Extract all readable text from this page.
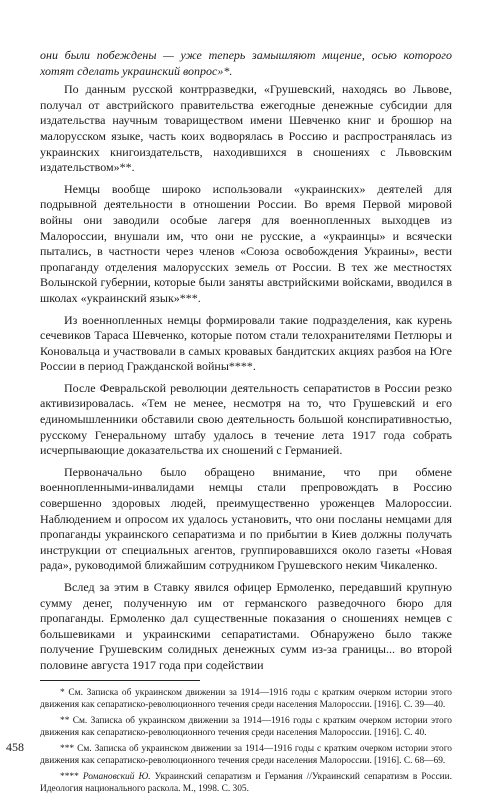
они были побеждены — уже теперь замышляют мщение, осью которого хотят сделать украинский вопрос»*.

По данным русской контрразведки, «Грушевский, находясь во Львове, получал от австрийского правительства ежегодные денежные субсидии для издательства научным товариществом имени Шевченко книг и брошюр на малорусском языке, часть коих водворялась в Россию и распространялась из украинских книгоиздательств, находившихся в сношениях с Львовским издательством»**.

Немцы вообще широко использовали «украинских» деятелей для подрывной деятельности в отношении России. Во время Первой мировой войны они заводили особые лагеря для военнопленных выходцев из Малороссии, внушали им, что они не русские, а «украинцы» и всячески пытались, в частности через членов «Союза освобождения Украины», вести пропаганду отделения малорусских земель от России. В тех же местностях Волынской губернии, которые были заняты австрийскими войсками, вводился в школах «украинский язык»***.

Из военнопленных немцы формировали такие подразделения, как курень сечевиков Тараса Шевченко, которые потом стали телохранителями Петлюры и Коновальца и участвовали в самых кровавых бандитских акциях разбоя на Юге России в период Гражданской войны****.

После Февральской революции деятельность сепаратистов в России резко активизировалась. «Тем не менее, несмотря на то, что Грушевский и его единомышленники обставили свою деятельность большой конспиративностью, русскому Генеральному штабу удалось в течение лета 1917 года собрать исчерпывающие доказательства их сношений с Германией.

Первоначально было обращено внимание, что при обмене военнопленными-инвалидами немцы стали препровождать в Россию совершенно здоровых людей, преимущественно уроженцев Малороссии. Наблюдением и опросом их удалось установить, что они посланы немцами для пропаганды украинского сепаратизма и по прибытии в Киев должны получать инструкции от специальных агентов, группировавшихся около газеты «Новая рада», руководимой ближайшим сотрудником Грушевского неким Чикаленко.

Вслед за этим в Ставку явился офицер Ермоленко, передавший крупную сумму денег, полученную им от германского разведочного бюро для пропаганды. Ермоленко дал существенные показания о сношениях немцев с большевиками и украинскими сепаратистами. Обнаружено было также получение Грушевским солидных денежных сумм из-за границы... во второй половине августа 1917 года при содействии

* См. Записка об украинском движении за 1914—1916 годы с кратким очерком истории этого движения как сепаратиско-революционного течения среди населения Малороссии. [1916]. С. 39—40.

** См. Записка об украинском движении за 1914—1916 годы с кратким очерком истории этого движения как сепаратиско-революционного течения среди населения Малороссии. [1916]. С. 40.

*** См. Записка об украинском движении за 1914—1916 годы с кратким очерком истории этого движения как сепаратиско-революционного течения среди населения Малороссии. [1916]. С. 68—69.

**** Романовский Ю. Украинский сепаратизм и Германия //Украинский сепаратизм в России. Идеология национального раскола. М., 1998. С. 305.

458
